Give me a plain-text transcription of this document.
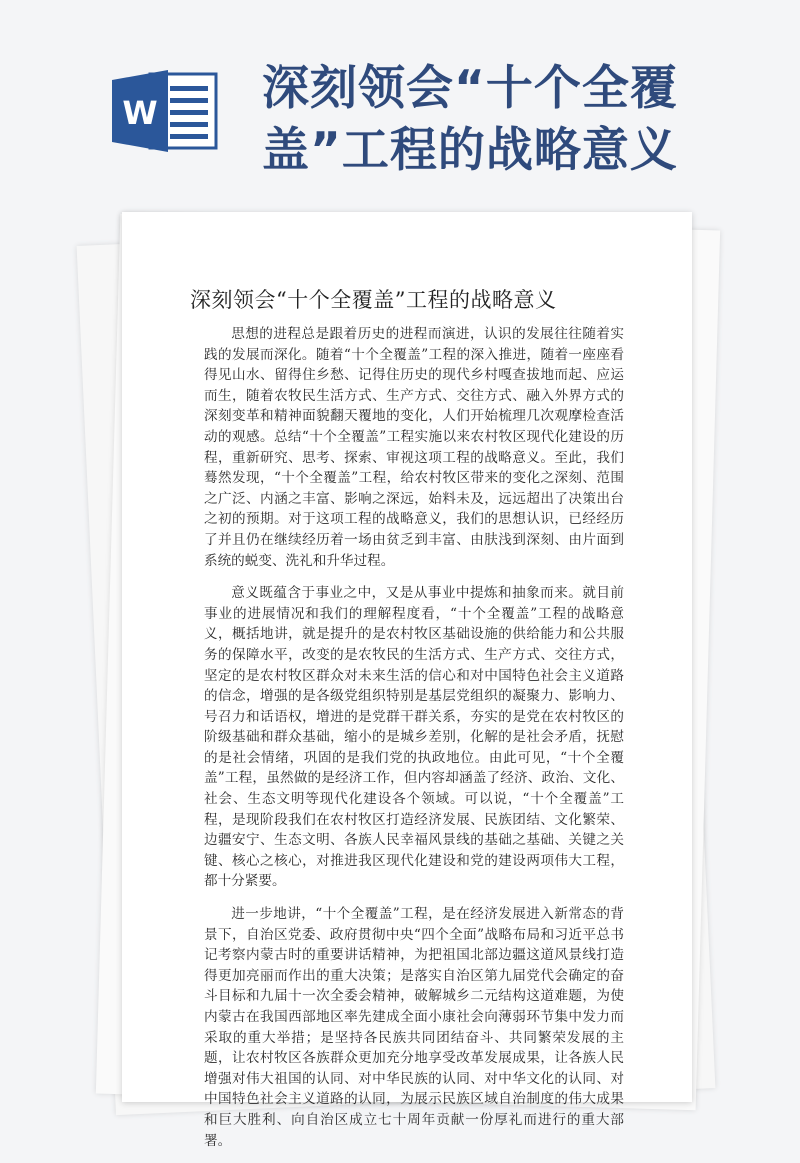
W 深刻领会“十个全覆盖”工程的战略意义
深刻领会“十个全覆盖”工程的战略意义

思想的进程总是跟着历史的进程而演进，认识的发展往往随着实践的发展而深化。随着“十个全覆盖”工程的深入推进，随着一座座看得见山水、留得住乡愁、记得住历史的现代乡村嘎查拔地而起、应运而生，随着农牧民生活方式、生产方式、交往方式、融入外界方式的深刻变革和精神面貌翻天覆地的变化，人们开始梳理几次观摩检查活动的观感。总结“十个全覆盖”工程实施以来农村牧区现代化建设的历程，重新研究、思考、探索、审视这项工程的战略意义。至此，我们蓦然发现，“十个全覆盖”工程，给农村牧区带来的变化之深刻、范围之广泛、内涵之丰富、影响之深远，始料未及，远远超出了决策出台之初的预期。对于这项工程的战略意义，我们的思想认识，已经经历了并且仍在继续经历着一场由贫乏到丰富、由肤浅到深刻、由片面到系统的蜕变、洗礼和升华过程。

意义既蕴含于事业之中，又是从事业中提炼和抽象而来。就目前事业的进展情况和我们的理解程度看，“十个全覆盖”工程的战略意义，概括地讲，就是提升的是农村牧区基础设施的供给能力和公共服务的保障水平，改变的是农牧民的生活方式、生产方式、交往方式，坚定的是农村牧区群众对未来生活的信心和对中国特色社会主义道路的信念，增强的是各级党组织特别是基层党组织的凝聚力、影响力、号召力和话语权，增进的是党群干群关系，夯实的是党在农村牧区的阶级基础和群众基础，缩小的是城乡差别，化解的是社会矛盾，抚慰的是社会情绪，巩固的是我们党的执政地位。由此可见，“十个全覆盖”工程，虽然做的是经济工作，但内容却涵盖了经济、政治、文化、社会、生态文明等现代化建设各个领域。可以说，“十个全覆盖”工程，是现阶段我们在农村牧区打造经济发展、民族团结、文化繁荣、边疆安宁、生态文明、各族人民幸福风景线的基础之基础、关键之关键、核心之核心，对推进我区现代化建设和党的建设两项伟大工程，都十分紧要。

进一步地讲，“十个全覆盖”工程，是在经济发展进入新常态的背景下，自治区党委、政府贯彻中央“四个全面”战略布局和习近平总书记考察内蒙古时的重要讲话精神，为把祖国北部边疆这道风景线打造得更加亮丽而作出的重大决策；是落实自治区第九届党代会确定的奋斗目标和九届十一次全委会精神，破解城乡二元结构这道难题，为使内蒙古在我国西部地区率先建成全面小康社会向薄弱环节集中发力而采取的重大举措；是坚持各民族共同团结奋斗、共同繁荣发展的主题，让农村牧区各族群众更加充分地享受改革发展成果，让各族人民增强对伟大祖国的认同、对中华民族的认同、对中华文化的认同、对中国特色社会主义道路的认同，为展示民族区域自治制度的伟大成果和巨大胜利、向自治区成立七十周年贡献一份厚礼而进行的重大部署。
